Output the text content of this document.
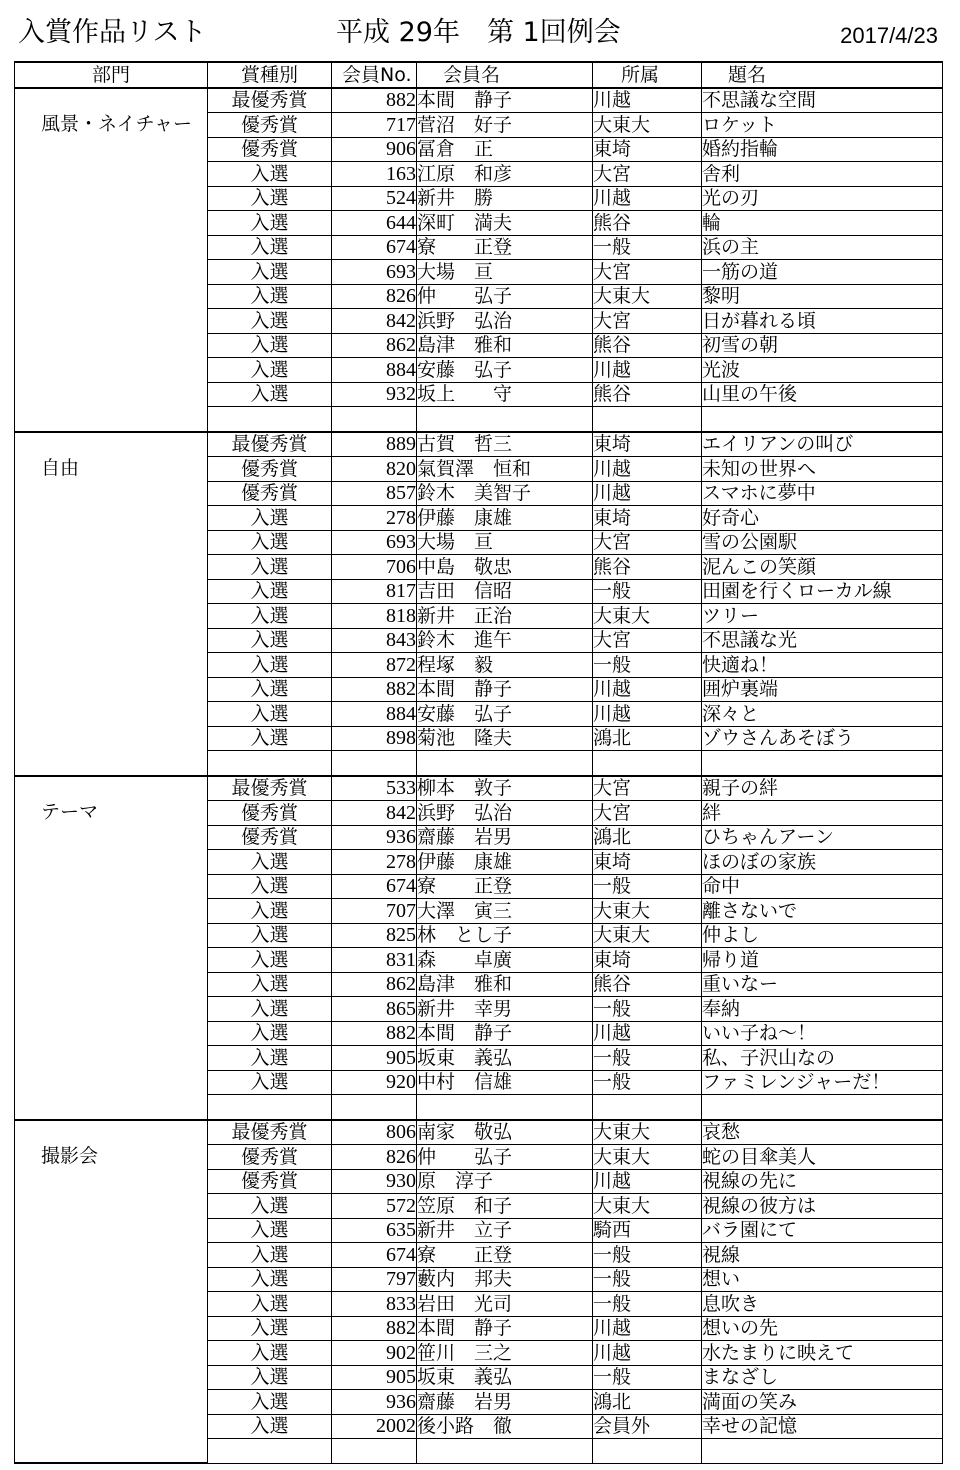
入賞作品リスト	平成 29年　第 1回例会	2017/4/23
部門	賞種別	会員No.	会員名	所属	題名
風景・ネイチャー	最優秀賞	882	本間　静子	川越	不思議な空間
	優秀賞	717	菅沼　好子	大東大	ロケット
	優秀賞	906	冨倉　正	東埼	婚約指輪
	入選	163	江原　和彦	大宮	舎利
	入選	524	新井　勝	川越	光の刃
	入選	644	深町　満夫	熊谷	輪
	入選	674	寮　　正登	一般	浜の主
	入選	693	大場　亘	大宮	一筋の道
	入選	826	仲　　弘子	大東大	黎明
	入選	842	浜野　弘治	大宮	日が暮れる頃
	入選	862	島津　雅和	熊谷	初雪の朝
	入選	884	安藤　弘子	川越	光波
	入選	932	坂上　　守	熊谷	山里の午後

自由	最優秀賞	889	古賀　哲三	東埼	エイリアンの叫び
	優秀賞	820	氣賀澤　恒和	川越	未知の世界へ
	優秀賞	857	鈴木　美智子	川越	スマホに夢中
	入選	278	伊藤　康雄	東埼	好奇心
	入選	693	大場　亘	大宮	雪の公園駅
	入選	706	中島　敬忠	熊谷	泥んこの笑顔
	入選	817	吉田　信昭	一般	田園を行くローカル線
	入選	818	新井　正治	大東大	ツリー
	入選	843	鈴木　進午	大宮	不思議な光
	入選	872	程塚　毅	一般	快適ね！
	入選	882	本間　静子	川越	囲炉裏端
	入選	884	安藤　弘子	川越	深々と
	入選	898	菊池　隆夫	鴻北	ゾウさんあそぼう

テーマ	最優秀賞	533	柳本　敦子	大宮	親子の絆
	優秀賞	842	浜野　弘治	大宮	絆
	優秀賞	936	齋藤　岩男	鴻北	ひちゃんアーン
	入選	278	伊藤　康雄	東埼	ほのぼの家族
	入選	674	寮　　正登	一般	命中
	入選	707	大澤　寅三	大東大	離さないで
	入選	825	林　とし子	大東大	仲よし
	入選	831	森　　卓廣	東埼	帰り道
	入選	862	島津　雅和	熊谷	重いなー
	入選	865	新井　幸男	一般	奉納
	入選	882	本間　静子	川越	いい子ね～！
	入選	905	坂東　義弘	一般	私、子沢山なの
	入選	920	中村　信雄	一般	ファミレンジャーだ！

撮影会	最優秀賞	806	南家　敬弘	大東大	哀愁
	優秀賞	826	仲　　弘子	大東大	蛇の目傘美人
	優秀賞	930	原　淳子	川越	視線の先に
	入選	572	笠原　和子	大東大	視線の彼方は
	入選	635	新井　立子	騎西	バラ園にて
	入選	674	寮　　正登	一般	視線
	入選	797	藪内　邦夫	一般	想い
	入選	833	岩田　光司	一般	息吹き
	入選	882	本間　静子	川越	想いの先
	入選	902	笹川　三之	川越	水たまりに映えて
	入選	905	坂東　義弘	一般	まなざし
	入選	936	齋藤　岩男	鴻北	満面の笑み
	入選	2002	後小路　徹	会員外	幸せの記憶
